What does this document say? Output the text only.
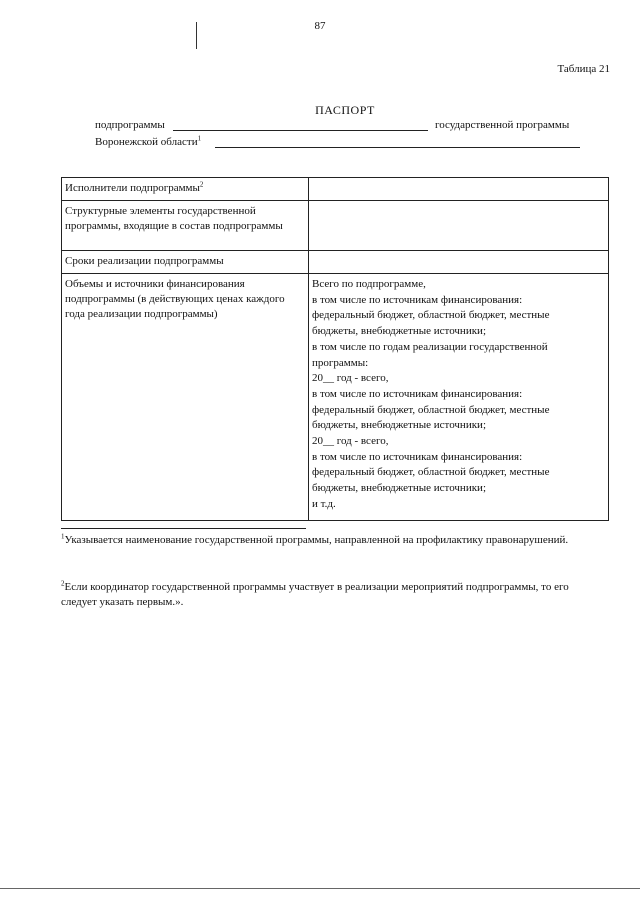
87
Таблица 21
ПАСПОРТ
подпрограммы	государственной программы
Воронежской области$^1$
Исполнители подпрограммы$^2$
Структурные элементы государственной программы, входящие в состав подпрограммы
Сроки реализации подпрограммы
Объемы и источники финансирования подпрограммы (в действующих ценах каждого года реализации подпрограммы)
Всего по подпрограмме,
в том числе по источникам финансирования:
федеральный бюджет, областной бюджет, местные
бюджеты, внебюджетные источники;
в том числе по годам реализации государственной
программы:
20__ год - всего,
в том числе по источникам финансирования:
федеральный бюджет, областной бюджет, местные
бюджеты, внебюджетные источники;
20__ год - всего,
в том числе по источникам финансирования:
федеральный бюджет, областной бюджет, местные
бюджеты, внебюджетные источники;
и т.д.
$^1$Указывается наименование государственной программы, направленной на профилактику правонарушений.
$^2$Если координатор государственной программы участвует в реализации мероприятий подпрограммы, то его следует указать первым.».
